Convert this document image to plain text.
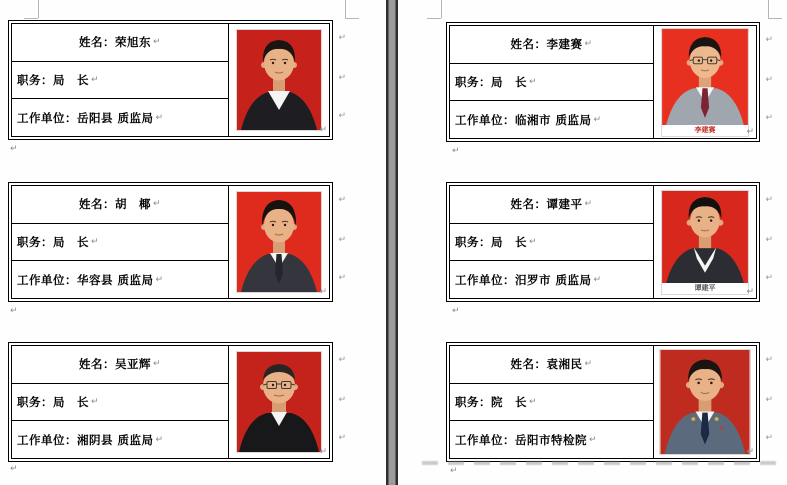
姓名： 荣旭东 ↵
职务： 局　长 ↵
工作单位： 岳阳县 质监局 ↵
↵
↵
↵
↵
↵
姓名： 胡　椰 ↵
职务： 局　长 ↵
工作单位： 华容县 质监局 ↵
↵
↵
↵
↵
↵
姓名： 吴亚辉 ↵
职务： 局　长 ↵
工作单位： 湘阴县 质监局 ↵
↵
↵
↵
↵
↵
姓名： 李建赛 ↵
职务： 局　长 ↵
工作单位： 临湘市 质监局 ↵
李建赛	↵
↵
↵
↵
↵
姓名： 谭建平 ↵
职务： 局　长 ↵
工作单位： 汨罗市 质监局 ↵
谭建平	↵
↵
↵
↵
↵
姓名： 袁湘民 ↵
职务： 院　长 ↵
工作单位： 岳阳市特检院 ↵
↵
↵
↵
↵
↵
